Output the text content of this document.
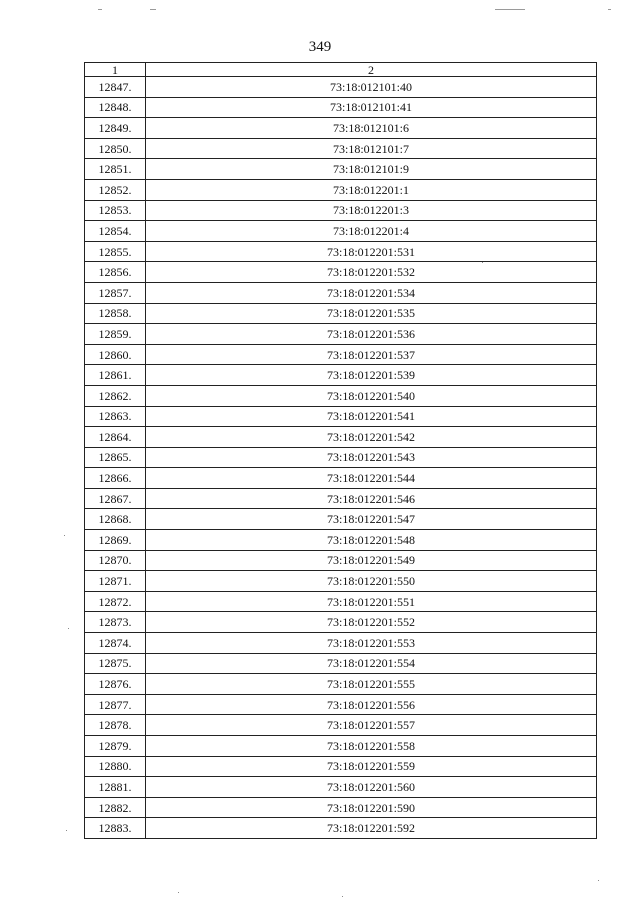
349
1	2
12847.	73:18:012101:40
12848.	73:18:012101:41
12849.	73:18:012101:6
12850.	73:18:012101:7
12851.	73:18:012101:9
12852.	73:18:012201:1
12853.	73:18:012201:3
12854.	73:18:012201:4
12855.	73:18:012201:531
12856.	73:18:012201:532
12857.	73:18:012201:534
12858.	73:18:012201:535
12859.	73:18:012201:536
12860.	73:18:012201:537
12861.	73:18:012201:539
12862.	73:18:012201:540
12863.	73:18:012201:541
12864.	73:18:012201:542
12865.	73:18:012201:543
12866.	73:18:012201:544
12867.	73:18:012201:546
12868.	73:18:012201:547
12869.	73:18:012201:548
12870.	73:18:012201:549
12871.	73:18:012201:550
12872.	73:18:012201:551
12873.	73:18:012201:552
12874.	73:18:012201:553
12875.	73:18:012201:554
12876.	73:18:012201:555
12877.	73:18:012201:556
12878.	73:18:012201:557
12879.	73:18:012201:558
12880.	73:18:012201:559
12881.	73:18:012201:560
12882.	73:18:012201:590
12883.	73:18:012201:592
